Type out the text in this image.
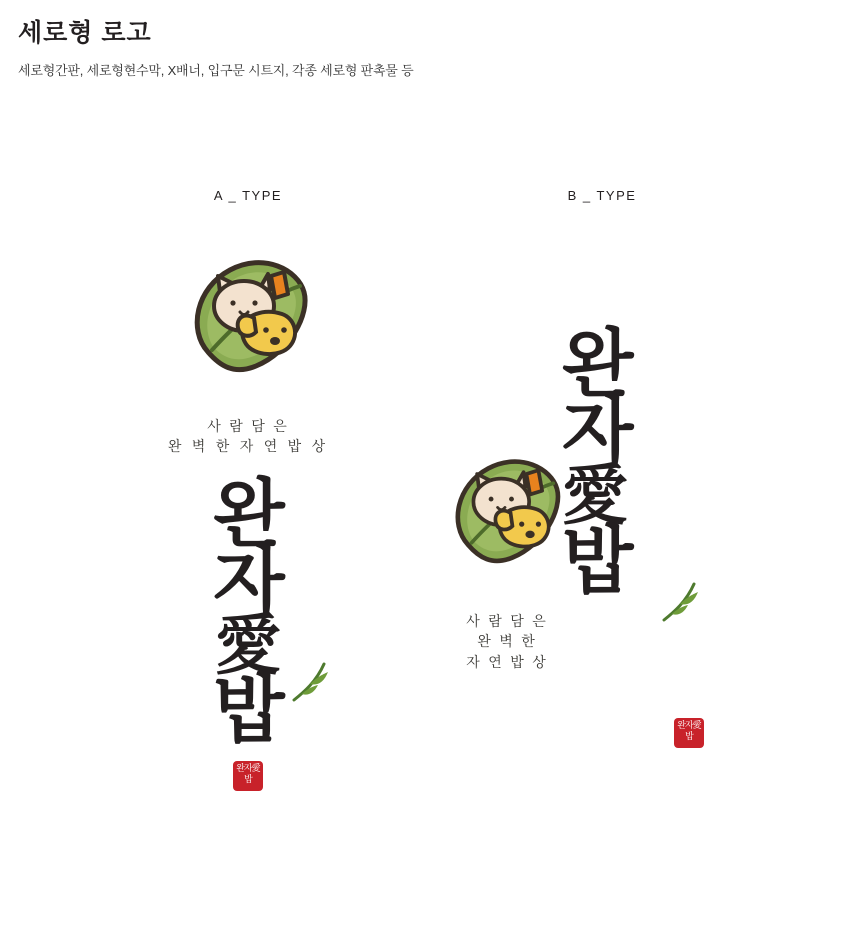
세로형 로고

세로형간판, 세로형현수막, X배너, 입구문 시트지, 각종 세로형 판촉물 등

A _ TYPE
사 람 담 은
완 벽 한 자 연 밥 상
완
자
愛
밥
완자愛밥
B _ TYPE
완
자
愛
밥
완자愛밥
사 람 담 은
완 벽 한
자 연 밥 상
